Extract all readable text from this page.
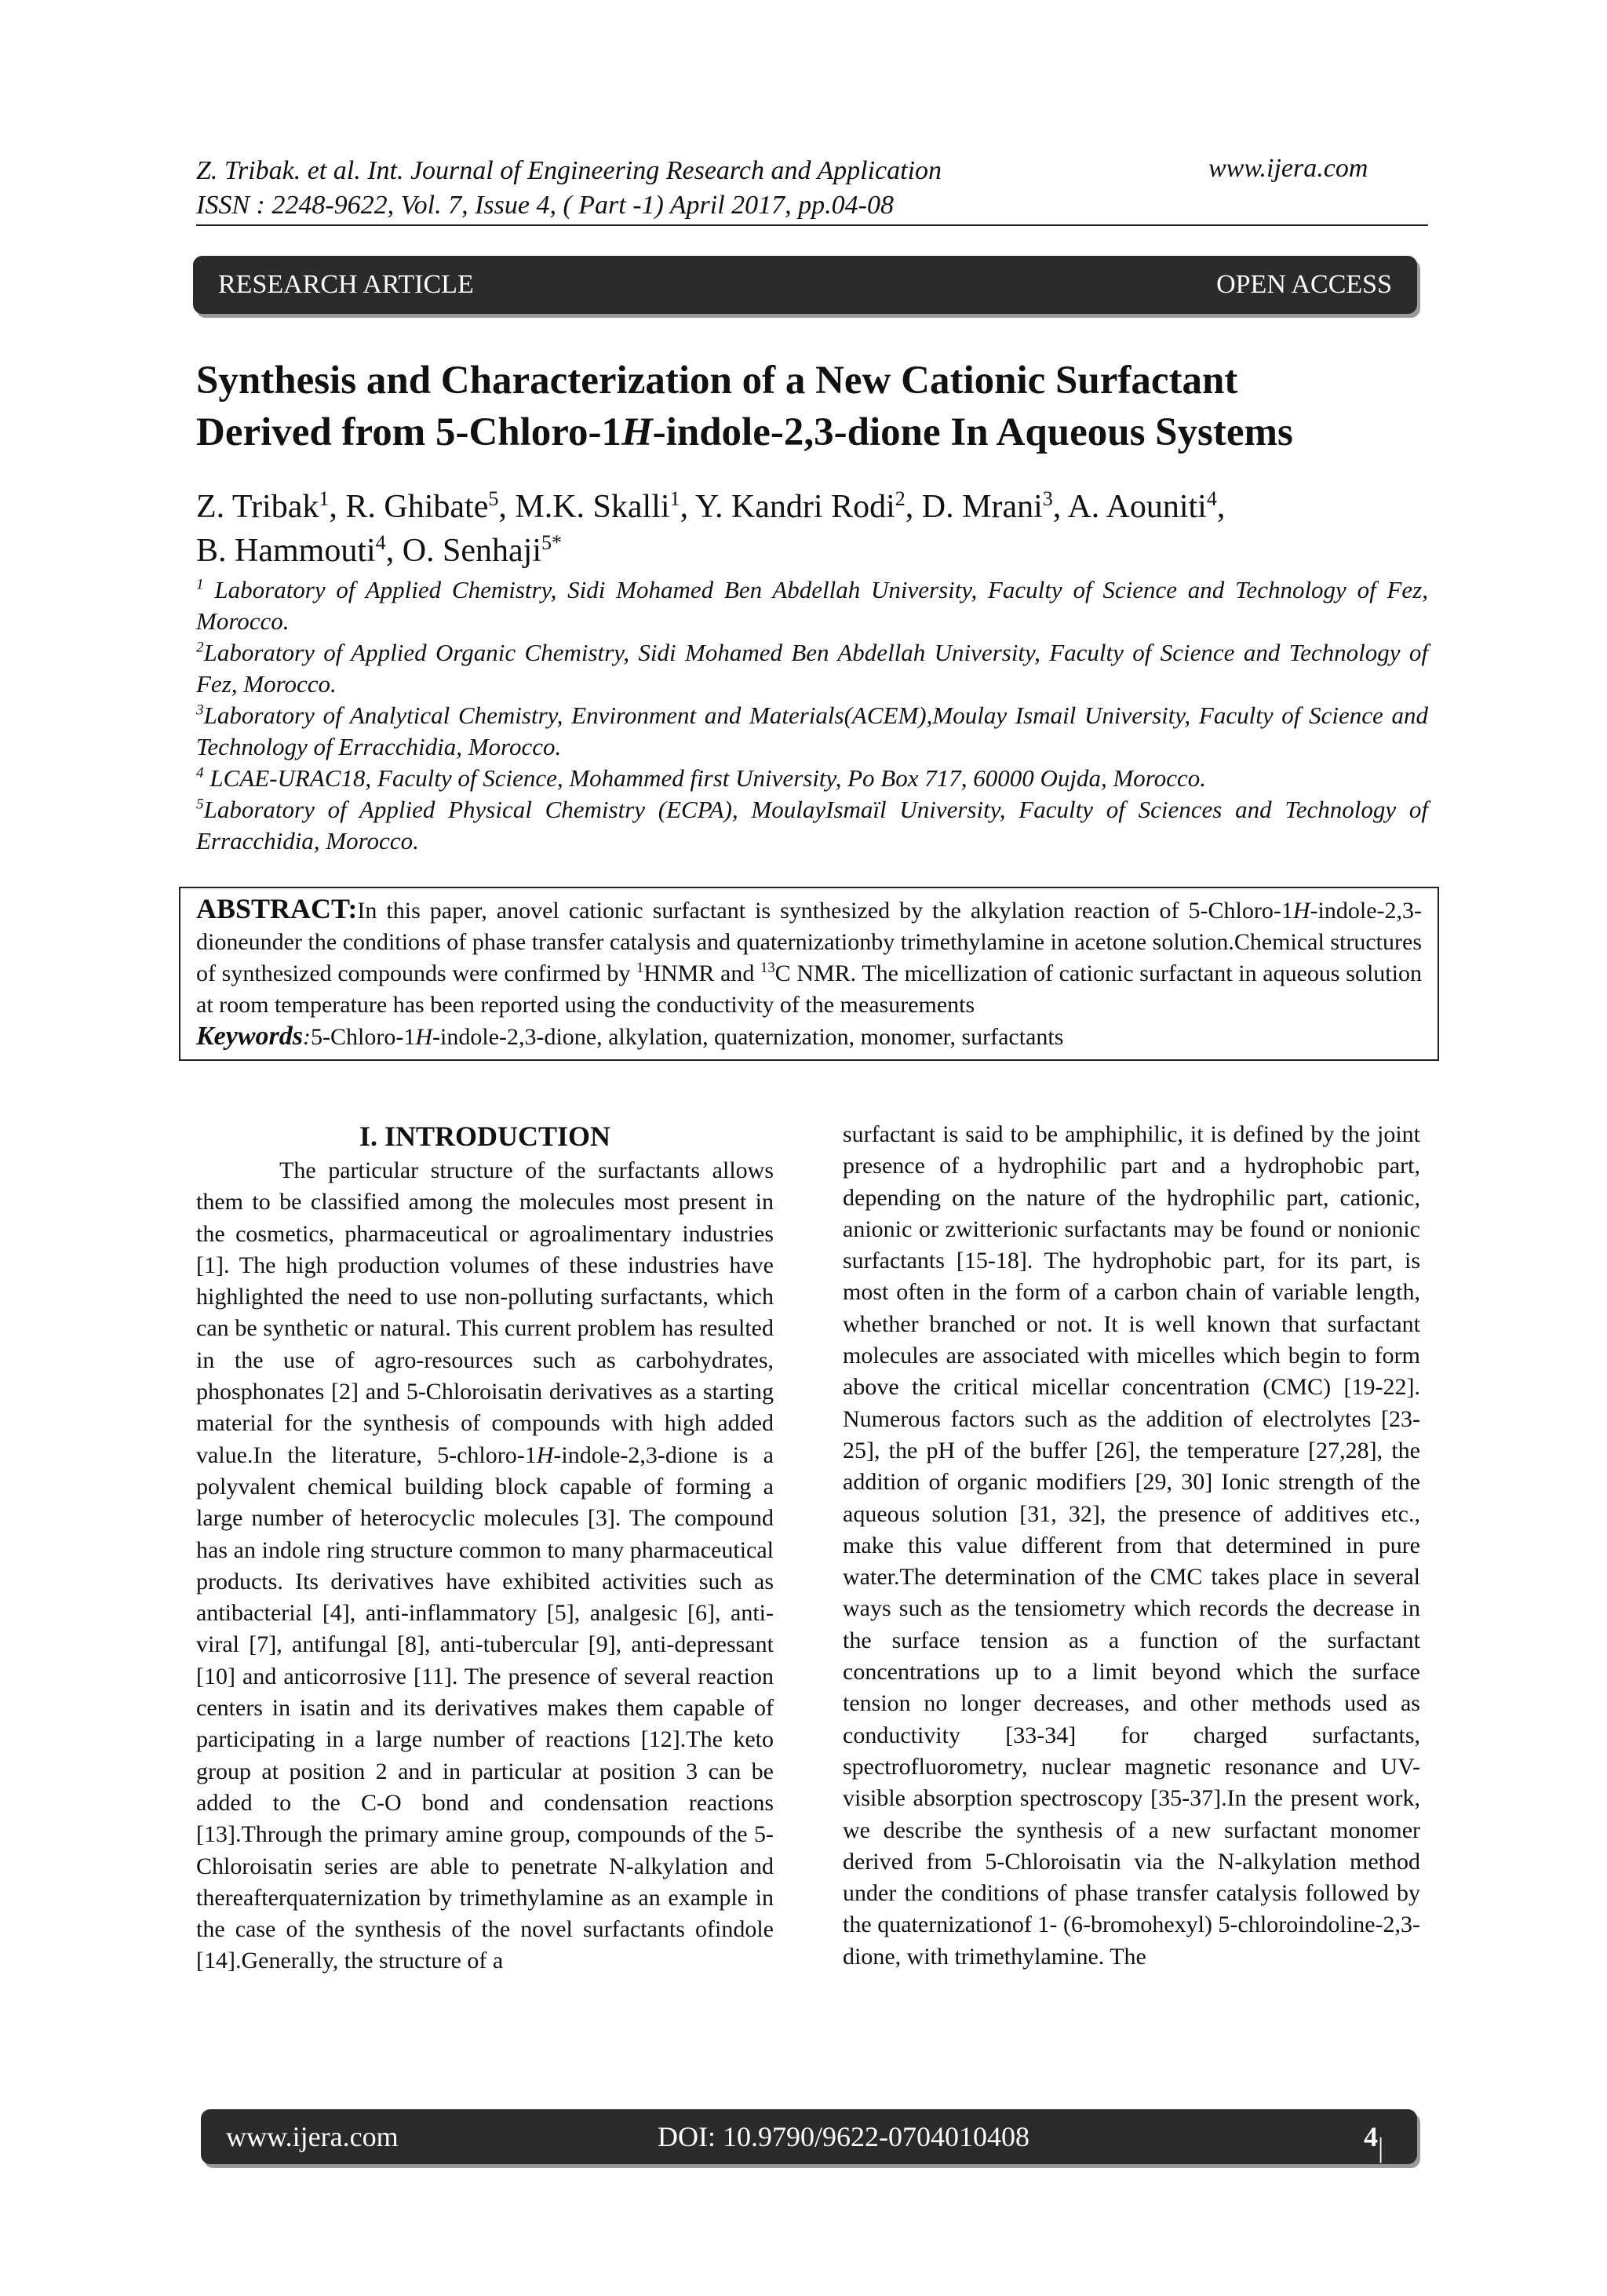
Z. Tribak. et al. Int. Journal of Engineering Research and Application
ISSN : 2248-9622, Vol. 7, Issue 4, ( Part -1) April 2017, pp.04-08
www.ijera.com
RESEARCH ARTICLE	OPEN ACCESS
Synthesis and Characterization of a New Cationic Surfactant
Derived from 5-Chloro-1H-indole-2,3-dione In Aqueous Systems
Z. Tribak$^1$, R. Ghibate$^5$, M.K. Skalli$^1$, Y. Kandri Rodi$^2$, D. Mrani$^3$, A. Aouniti$^4$,
B. Hammouti$^4$, O. Senhaji$^{5*}$

$^1$ Laboratory of Applied Chemistry, Sidi Mohamed Ben Abdellah University, Faculty of Science and Technology of Fez, Morocco.

$^2$Laboratory of Applied Organic Chemistry, Sidi Mohamed Ben Abdellah University, Faculty of Science and Technology of Fez, Morocco.

$^3$Laboratory of Analytical Chemistry, Environment and Materials(ACEM),Moulay Ismail University, Faculty of Science and Technology of Erracchidia, Morocco.

$^4$ LCAE-URAC18, Faculty of Science, Mohammed first University, Po Box 717, 60000 Oujda, Morocco.

$^5$Laboratory of Applied Physical Chemistry (ECPA), MoulayIsmaïl University, Faculty of Sciences and Technology of Erracchidia, Morocco.

ABSTRACT:In this paper, anovel cationic surfactant is synthesized by the alkylation reaction of 5-Chloro-1H-indole-2,3-dioneunder the conditions of phase transfer catalysis and quaternizationby trimethylamine in acetone solution.Chemical structures of synthesized compounds were confirmed by $^1$HNMR and $^{13}$C NMR. The micellization of cationic surfactant in aqueous solution at room temperature has been reported using the conductivity of the measurements
Keywords:5-Chloro-1H-indole-2,3-dione, alkylation, quaternization, monomer, surfactants

I. INTRODUCTION

The particular structure of the surfactants allows them to be classified among the molecules most present in the cosmetics, pharmaceutical or agroalimentary industries [1]. The high production volumes of these industries have highlighted the need to use non-polluting surfactants, which can be synthetic or natural. This current problem has resulted in the use of agro-resources such as carbohydrates, phosphonates [2] and 5-Chloroisatin derivatives as a starting material for the synthesis of compounds with high added value.In the literature, 5-chloro-1H-indole-2,3-dione is a polyvalent chemical building block capable of forming a large number of heterocyclic molecules [3]. The compound has an indole ring structure common to many pharmaceutical products. Its derivatives have exhibited activities such as antibacterial [4], anti-inflammatory [5], analgesic [6], anti-viral [7], antifungal [8], anti-tubercular [9], anti-depressant [10] and anticorrosive [11]. The presence of several reaction centers in isatin and its derivatives makes them capable of participating in a large number of reactions [12].The keto group at position 2 and in particular at position 3 can be added to the C-O bond and condensation reactions [13].Through the primary amine group, compounds of the 5-Chloroisatin series are able to penetrate N-alkylation and thereafterquaternization by trimethylamine as an example in the case of the synthesis of the novel surfactants ofindole [14].Generally, the structure of a

surfactant is said to be amphiphilic, it is defined by the joint presence of a hydrophilic part and a hydrophobic part, depending on the nature of the hydrophilic part, cationic, anionic or zwitterionic surfactants may be found or nonionic surfactants [15-18]. The hydrophobic part, for its part, is most often in the form of a carbon chain of variable length, whether branched or not. It is well known that surfactant molecules are associated with micelles which begin to form above the critical micellar concentration (CMC) [19-22]. Numerous factors such as the addition of electrolytes [23-25], the pH of the buffer [26], the temperature [27,28], the addition of organic modifiers [29, 30] Ionic strength of the aqueous solution [31, 32], the presence of additives etc., make this value different from that determined in pure water.The determination of the CMC takes place in several ways such as the tensiometry which records the decrease in the surface tension as a function of the surfactant concentrations up to a limit beyond which the surface tension no longer decreases, and other methods used as conductivity [33-34] for charged surfactants, spectrofluorometry, nuclear magnetic resonance and UV-visible absorption spectroscopy [35-37].In the present work, we describe the synthesis of a new surfactant monomer derived from 5-Chloroisatin via the N-alkylation method under the conditions of phase transfer catalysis followed by the quaternizationof 1- (6-bromohexyl) 5-chloroindoline-2,3-dione, with trimethylamine. The

www.ijera.com	DOI: 10.9790/9622-0704010408	4 | P a g e
